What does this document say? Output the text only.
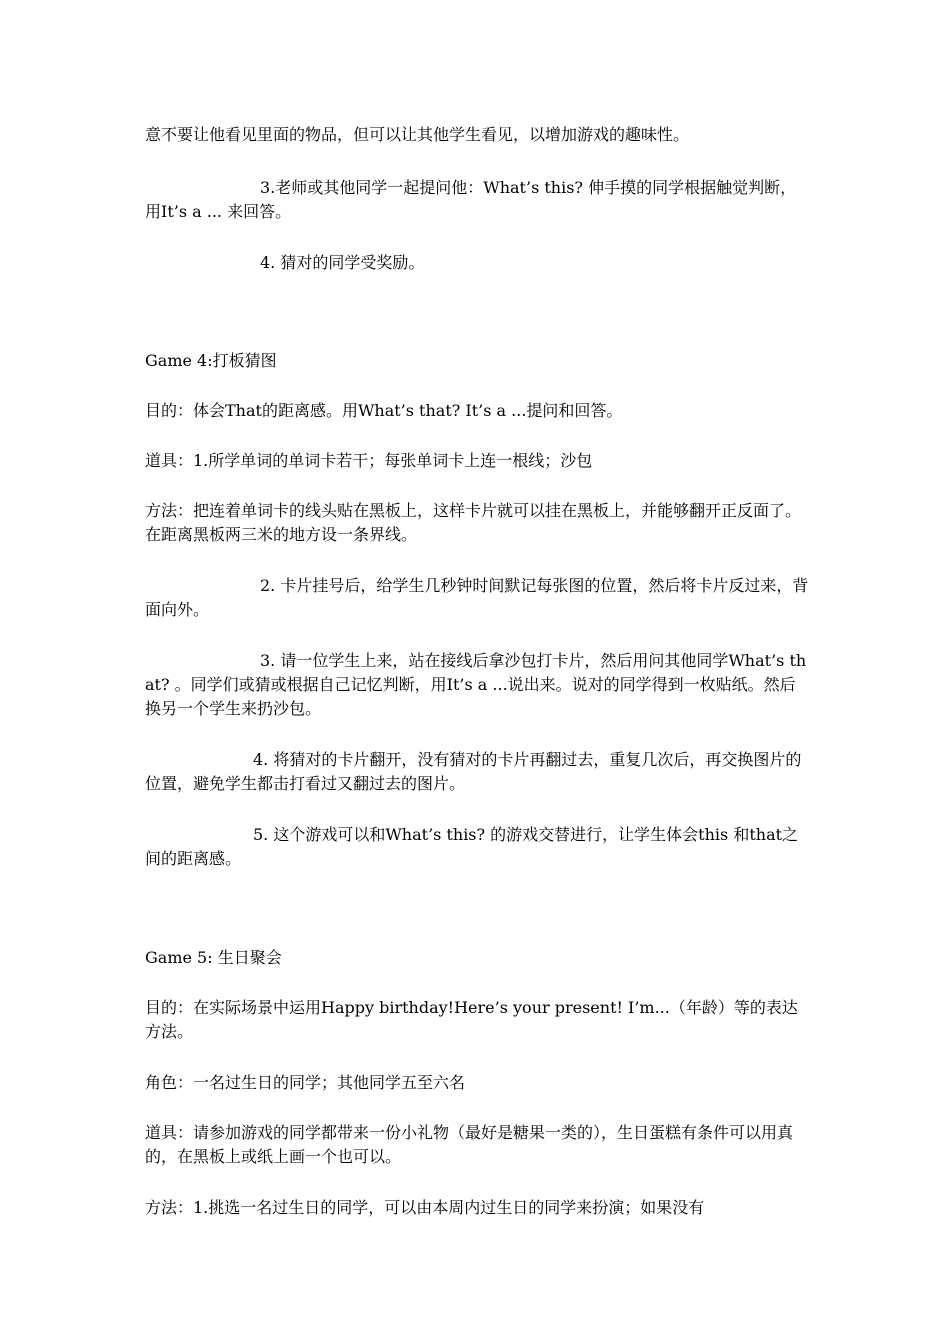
意不要让他看见里面的物品，但可以让其他学生看见，以增加游戏的趣味性。

3.老师或其他同学一起提问他：What’s this? 伸手摸的同学根据触觉判断，用It’s a ... 来回答。

4. 猜对的同学受奖励。

Game 4:打板猜图

目的：体会That的距离感。用What’s that? It’s a ...提问和回答。

道具：1.所学单词的单词卡若干；每张单词卡上连一根线；沙包

方法：把连着单词卡的线头贴在黑板上，这样卡片就可以挂在黑板上，并能够翻开正反面了。在距离黑板两三米的地方设一条界线。

2. 卡片挂号后，给学生几秒钟时间默记每张图的位置，然后将卡片反过来，背面向外。

3. 请一位学生上来，站在接线后拿沙包打卡片，然后用问其他同学What’s that? 。同学们或猜或根据自己记忆判断，用It’s a ...说出来。说对的同学得到一枚贴纸。然后换另一个学生来扔沙包。

4. 将猜对的卡片翻开，没有猜对的卡片再翻过去，重复几次后，再交换图片的位置，避免学生都击打看过又翻过去的图片。

5. 这个游戏可以和What’s this? 的游戏交替进行，让学生体会this 和that之间的距离感。

Game 5: 生日聚会

目的：在实际场景中运用Happy birthday!Here’s your present! I’m...（年龄）等的表达方法。

角色：一名过生日的同学；其他同学五至六名

道具：请参加游戏的同学都带来一份小礼物（最好是糖果一类的），生日蛋糕有条件可以用真的，在黑板上或纸上画一个也可以。

方法：1.挑选一名过生日的同学，可以由本周内过生日的同学来扮演；如果没有
